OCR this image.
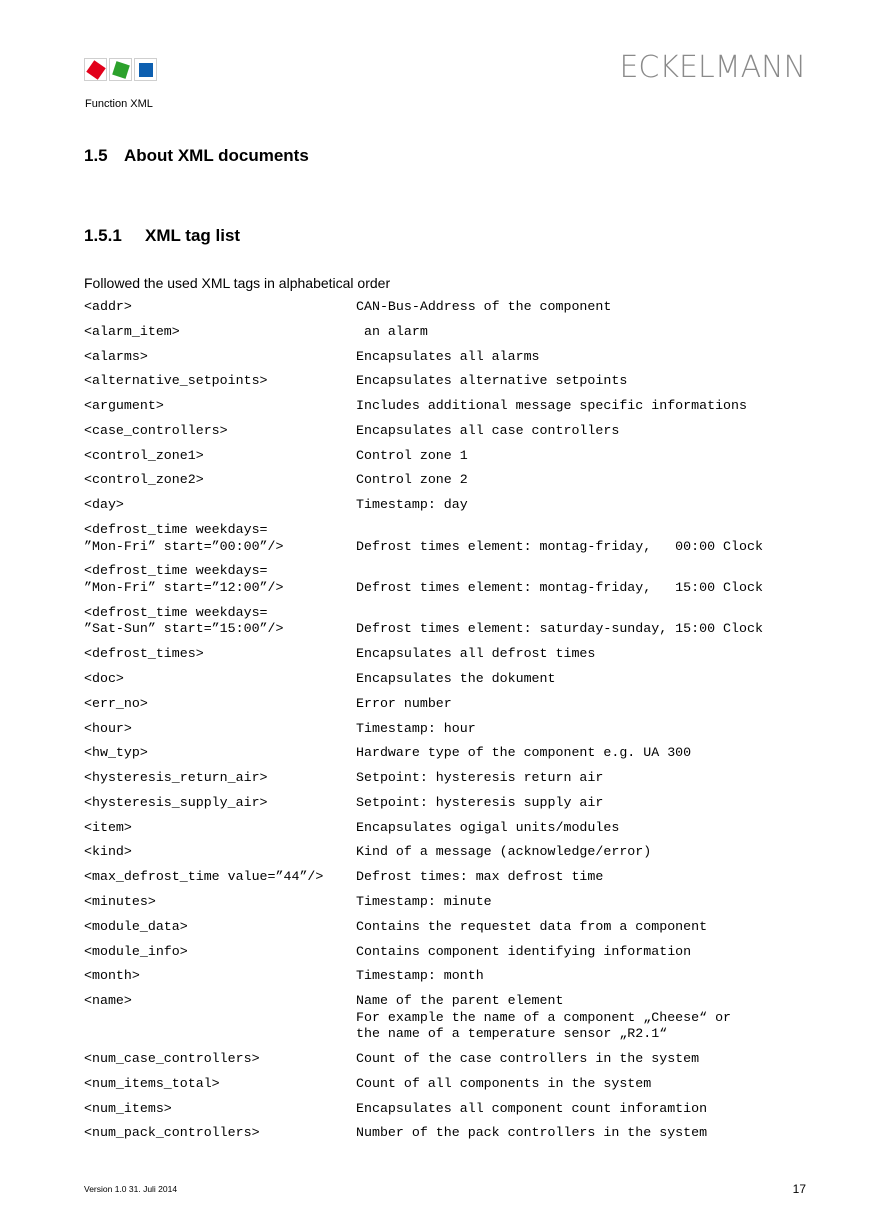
ECKELMANN
Function XML
1.5 About XML documents
1.5.1 XML tag list
Followed the used XML tags in alphabetical order
<addr>	CAN-Bus-Address of the component
<alarm_item>	an alarm
<alarms>	Encapsulates all alarms
<alternative_setpoints>	Encapsulates alternative setpoints
<argument>	Includes additional message specific informations
<case_controllers>	Encapsulates all case controllers
<control_zone1>	Control zone 1
<control_zone2>	Control zone 2
<day>	Timestamp: day
<defrost_time weekdays=
”Mon-Fri” start=”00:00”/>
	Defrost times element: montag-friday,   00:00 Clock
<defrost_time weekdays=
”Mon-Fri” start=”12:00”/>
	Defrost times element: montag-friday,   15:00 Clock
<defrost_time weekdays=
”Sat-Sun” start=”15:00”/>
	Defrost times element: saturday-sunday, 15:00 Clock
<defrost_times>	Encapsulates all defrost times
<doc>	Encapsulates the dokument
<err_no>	Error number
<hour>	Timestamp: hour
<hw_typ>	Hardware type of the component e.g. UA 300
<hysteresis_return_air>	Setpoint: hysteresis return air
<hysteresis_supply_air>	Setpoint: hysteresis supply air
<item>	Encapsulates ogigal units/modules
<kind>	Kind of a message (acknowledge/error)
<max_defrost_time value=”44”/>	Defrost times: max defrost time
<minutes>	Timestamp: minute
<module_data>	Contains the requestet data from a component
<module_info>	Contains component identifying information
<month>	Timestamp: month
<name>	Name of the parent element
For example the name of a component „Cheese“ or
the name of a temperature sensor „R2.1“
<num_case_controllers>	Count of the case controllers in the system
<num_items_total>	Count of all components in the system
<num_items>	Encapsulates all component count inforamtion
<num_pack_controllers>	Number of the pack controllers in the system
Version 1.0 31. Juli 2014	17
